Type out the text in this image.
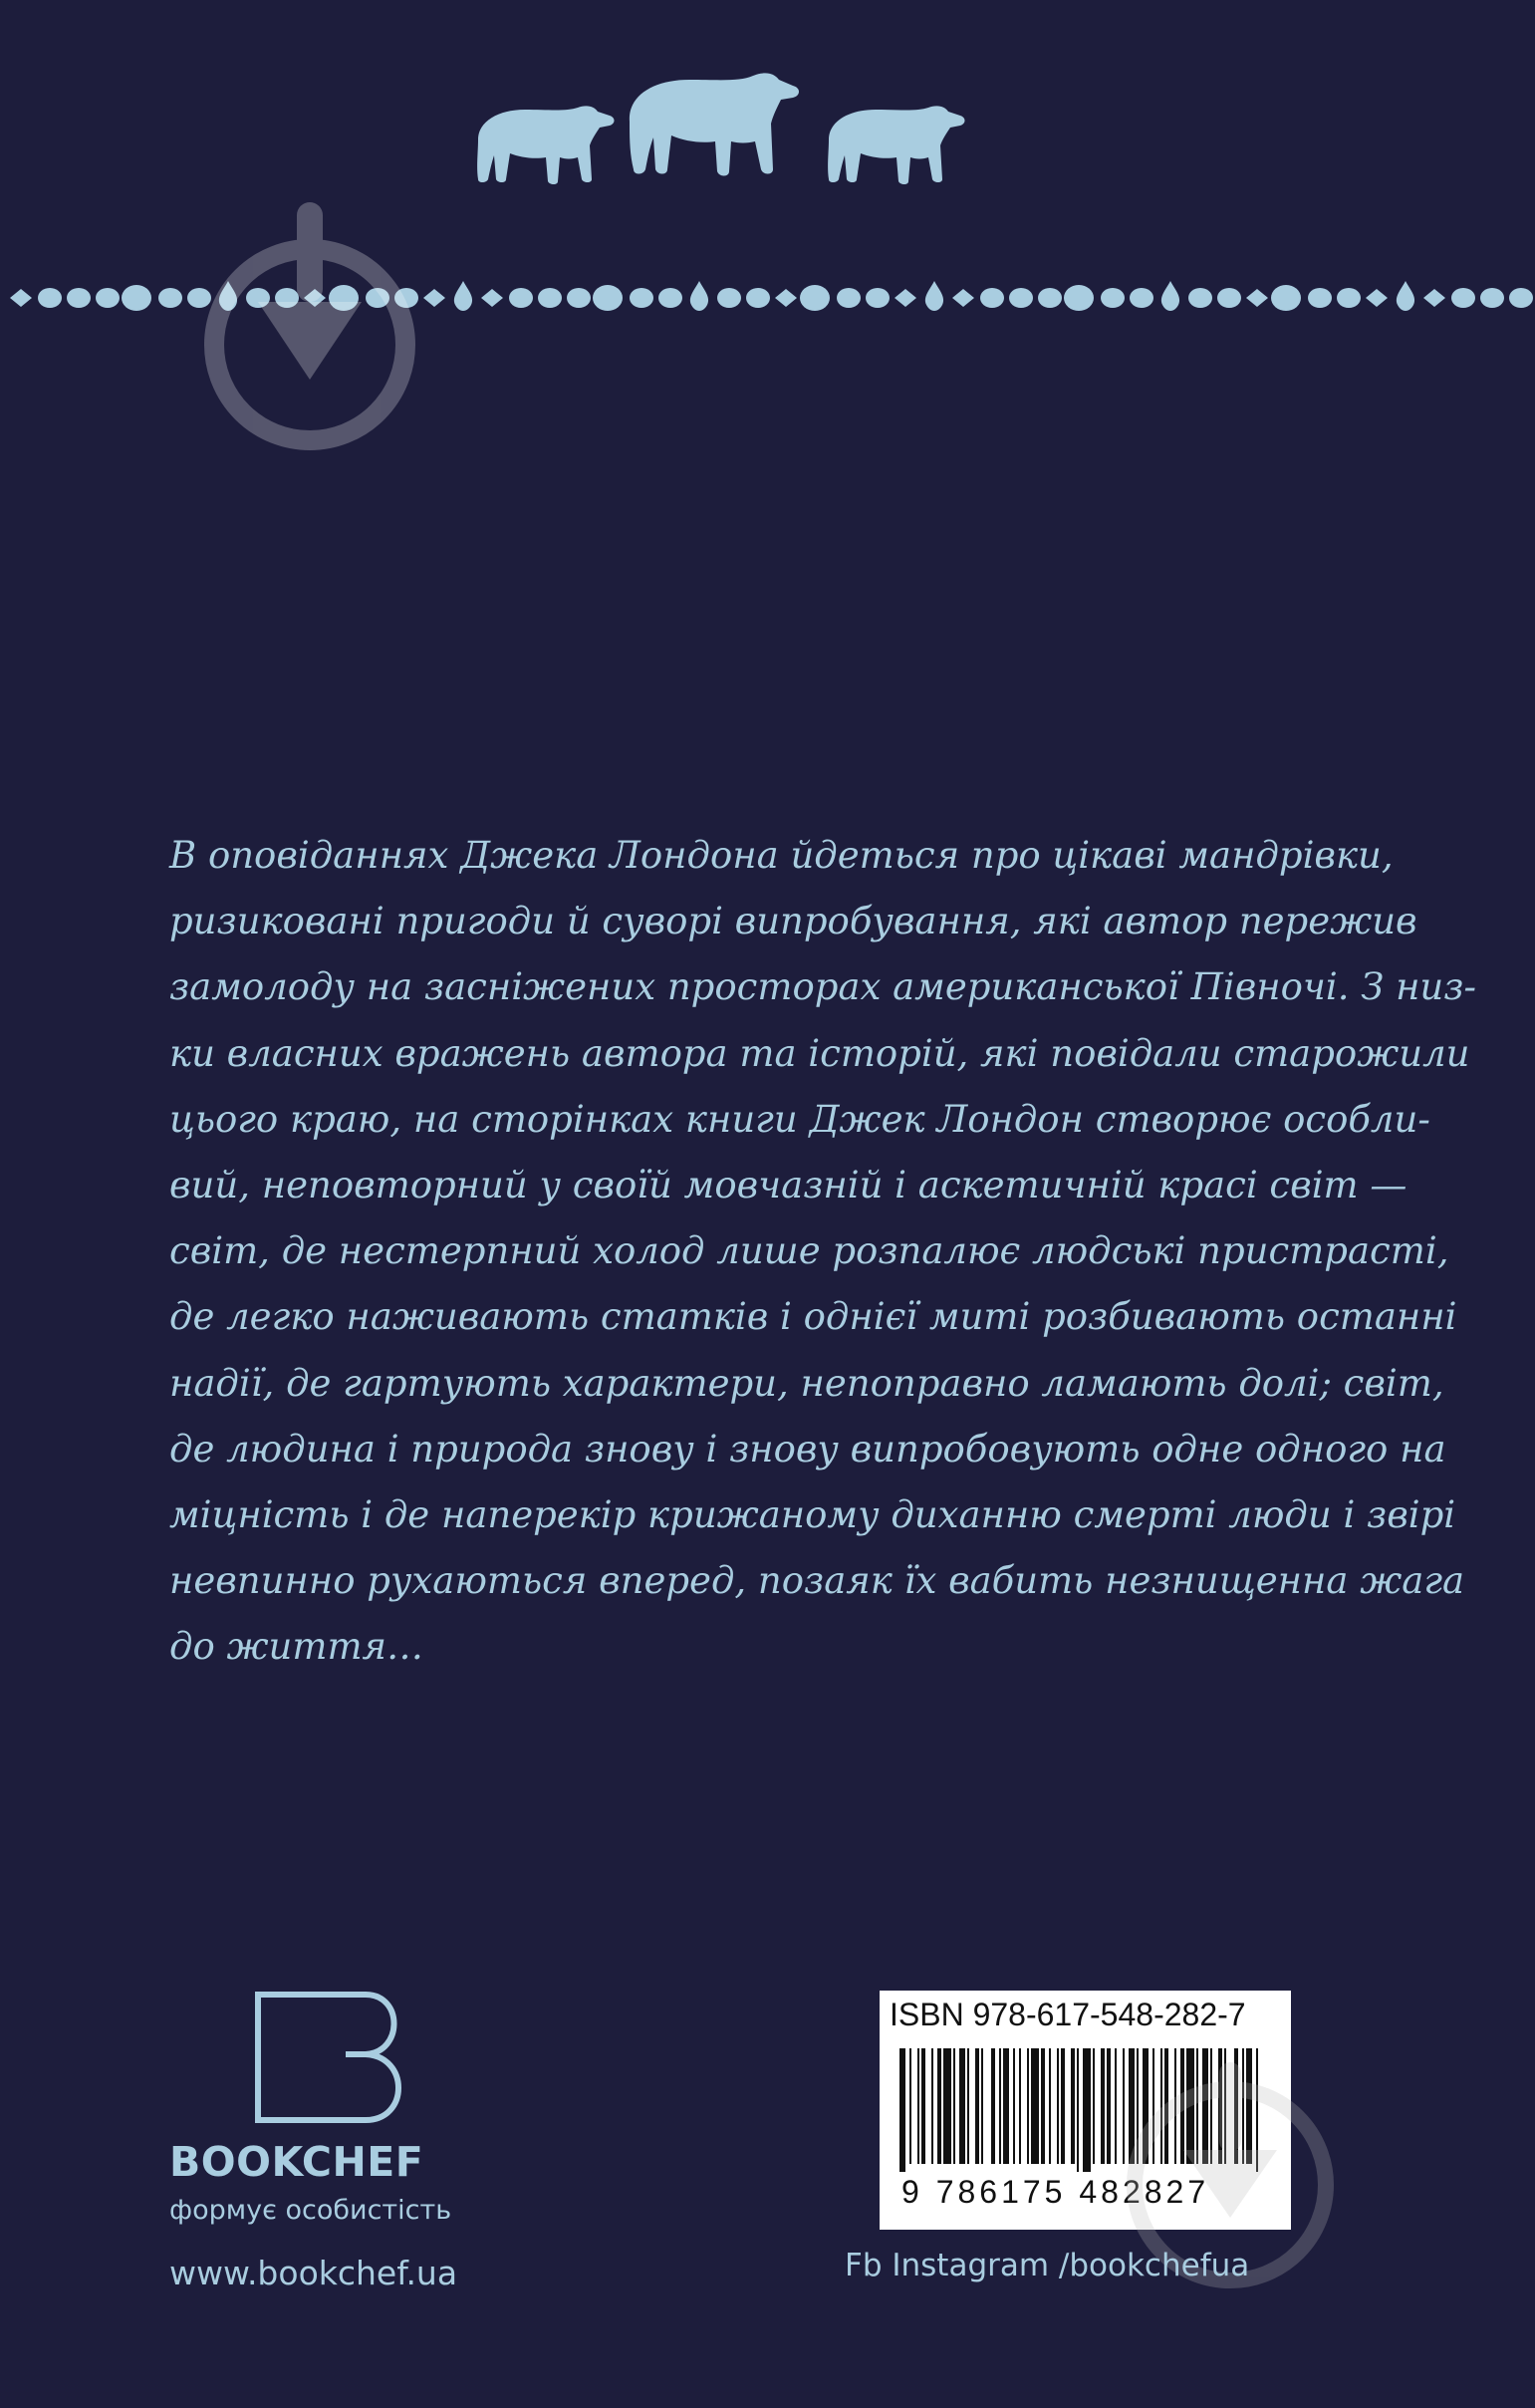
В оповіданнях Джека Лондона йдеться про цікаві мандрівки,
ризиковані пригоди й суворі випробування, які автор пережив
замолоду на засніжених просторах американської Півночі. З низ-
ки власних вражень автора та історій, які повідали старожили
цього краю, на сторінках книги Джек Лондон створює особли-
вий, неповторний у своїй мовчазній і аскетичній красі світ —
світ, де нестерпний холод лише розпалює людські пристрасті,
де легко наживають статків і однієї миті розбивають останні
надії, де гартують характери, непоправно ламають долі; світ,
де людина і природа знову і знову випробовують одне одного на
міцність і де наперекір крижаному диханню смерті люди і звірі
невпинно рухаються вперед, позаяк їх вабить незнищенна жага
до життя…
BOOKCHEF
формує особистість
www.bookchef.ua
ISBN 978-617-548-282-7
9 786175 482827
Fb Instagram /bookchefua
